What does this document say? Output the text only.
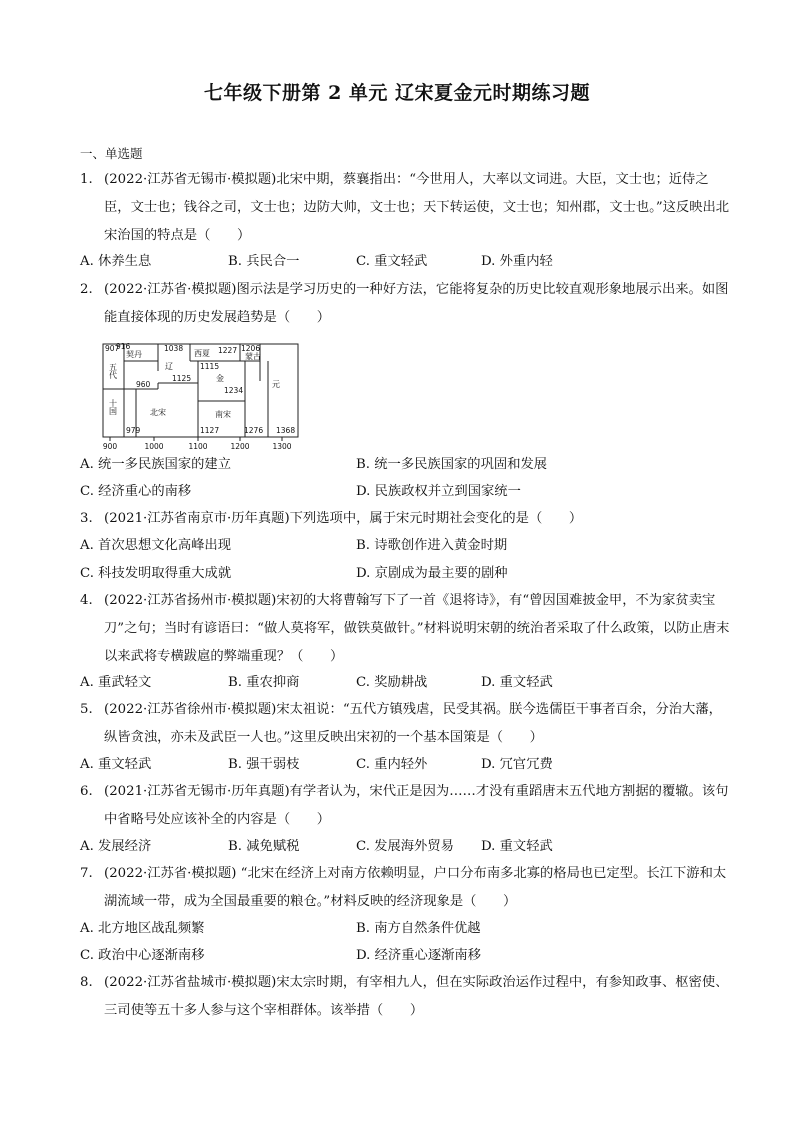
七年级下册第 2 单元 辽宋夏金元时期练习题
一、单选题
1. (2022·江苏省无锡市·模拟题)北宋中期，蔡襄指出：“今世用人，大率以文词进。大臣，文士也；近侍之臣，文士也；钱谷之司，文士也；边防大帅，文士也；天下转运使，文士也；知州郡，文士也。”这反映出北宋治国的特点是（　　）
A. 休养生息	B. 兵民合一	C. 重文轻武	D. 外重内轻
2. (2022·江苏省·模拟题)图示法是学习历史的一种好方法，它能将复杂的历史比较直观形象地展示出来。如图能直接体现的历史发展趋势是（　　）
907
916	1038	1227 1206
1125
1115
960
1234
979	1127	1276 1368
契丹
辽
西夏	蒙古
金
元
五代
十国	北宋	南宋
900	1000	1100	1200	1300
A. 统一多民族国家的建立	B. 统一多民族国家的巩固和发展
C. 经济重心的南移	D. 民族政权并立到国家统一
3. (2021·江苏省南京市·历年真题)下列选项中，属于宋元时期社会变化的是（　　）
A. 首次思想文化高峰出现	B. 诗歌创作进入黄金时期
C. 科技发明取得重大成就	D. 京剧成为最主要的剧种
4. (2022·江苏省扬州市·模拟题)宋初的大将曹翰写下了一首《退将诗》，有“曾因国难披金甲，不为家贫卖宝刀”之句；当时有谚语曰：“做人莫将军，做铁莫做针。”材料说明宋朝的统治者采取了什么政策，以防止唐末以来武将专横跋扈的弊端重现？（　　）
A. 重武轻文	B. 重农抑商	C. 奖励耕战	D. 重文轻武
5. (2022·江苏省徐州市·模拟题)宋太祖说：“五代方镇残虐，民受其祸。朕今选儒臣干事者百余，分治大藩，纵皆贪浊，亦未及武臣一人也。”这里反映出宋初的一个基本国策是（　　）
A. 重文轻武	B. 强干弱枝	C. 重内轻外	D. 冗官冗费
6. (2021·江苏省无锡市·历年真题)有学者认为，宋代正是因为……才没有重蹈唐末五代地方割据的覆辙。该句中省略号处应该补全的内容是（　　）
A. 发展经济	B. 减免赋税	C. 发展海外贸易 D. 重文轻武
7. (2022·江苏省·模拟题) “北宋在经济上对南方依赖明显，户口分布南多北寡的格局也已定型。长江下游和太湖流域一带，成为全国最重要的粮仓。”材料反映的经济现象是（　　）
A. 北方地区战乱频繁	B. 南方自然条件优越
C. 政治中心逐渐南移	D. 经济重心逐渐南移
8. (2022·江苏省盐城市·模拟题)宋太宗时期，有宰相九人，但在实际政治运作过程中，有参知政事、枢密使、三司使等五十多人参与这个宰相群体。该举措（　　）
